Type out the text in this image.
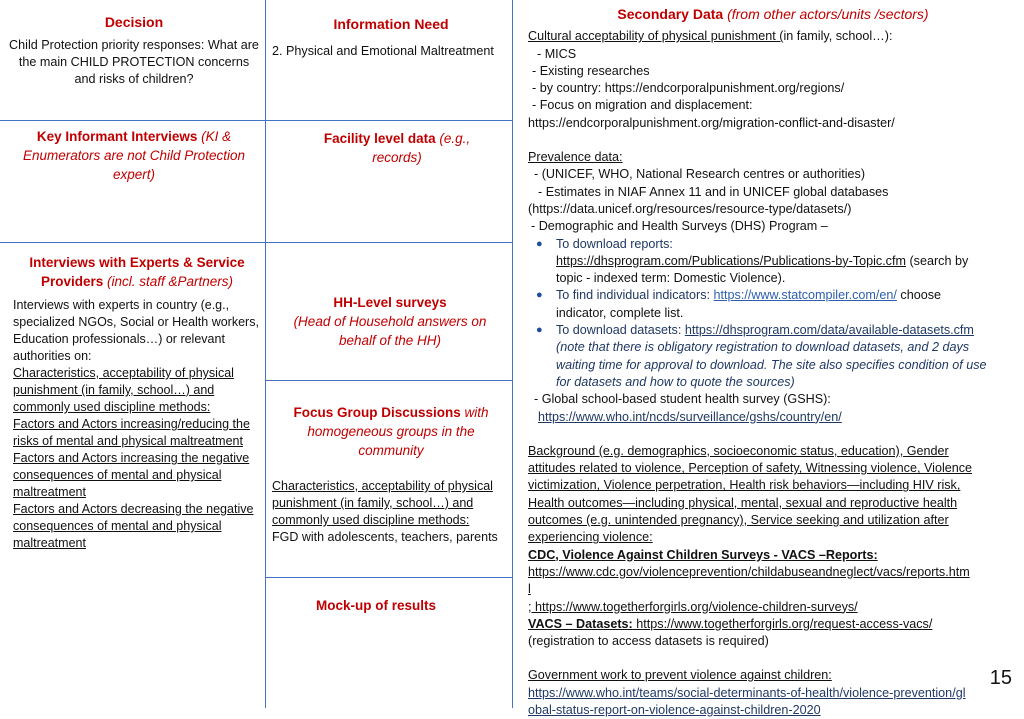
Decision
Child Protection priority responses: What are the main CHILD PROTECTION concerns and risks of children?
Information Need
2. Physical and Emotional Maltreatment
Key Informant Interviews (KI & Enumerators are not Child Protection expert)
Facility level data (e.g., records)
Interviews with Experts & Service Providers (incl. staff &Partners)
Interviews with experts in country (e.g., specialized NGOs, Social or Health workers, Education professionals…) or relevant authorities on:
Characteristics, acceptability of physical punishment (in family, school…) and commonly used discipline methods:
Factors and Actors increasing/reducing the risks of mental and physical maltreatment
Factors and Actors increasing the negative consequences of mental and physical maltreatment
Factors and Actors decreasing the negative consequences of mental and physical maltreatment
HH-Level surveys
(Head of Household answers on behalf of the HH)
Focus Group Discussions with homogeneous groups in the community
Characteristics, acceptability of physical punishment (in family, school…) and commonly used discipline methods:
FGD with adolescents, teachers, parents
Mock-up of results
Secondary Data (from other actors/units /sectors)
Cultural acceptability of physical punishment (in family, school…):
- MICS
- Existing researches
- by country: https://endcorporalpunishment.org/regions/
- Focus on migration and displacement:
https://endcorporalpunishment.org/migration-conflict-and-disaster/
Prevalence data:
- (UNICEF, WHO, National Research centres or authorities)
- Estimates in NIAF Annex 11 and in UNICEF global databases
(https://data.unicef.org/resources/resource-type/datasets/)
- Demographic and Health Surveys (DHS) Program –
● To download reports:
https://dhsprogram.com/Publications/Publications-by-Topic.cfm (search by
topic - indexed term: Domestic Violence).
● To find individual indicators: https://www.statcompiler.com/en/ choose
indicator, complete list.
● To download datasets: https://dhsprogram.com/data/available-datasets.cfm
(note that there is obligatory registration to download datasets, and 2 days
waiting time for approval to download. The site also specifies condition of use
for datasets and how to quote the sources)
- Global school-based student health survey (GSHS):
https://www.who.int/ncds/surveillance/gshs/country/en/
Background (e.g. demographics, socioeconomic status, education), Gender
attitudes related to violence, Perception of safety, Witnessing violence, Violence
victimization, Violence perpetration, Health risk behaviors—including HIV risk,
Health outcomes—including physical, mental, sexual and reproductive health
outcomes (e.g. unintended pregnancy), Service seeking and utilization after
experiencing violence:
CDC, Violence Against Children Surveys - VACS –Reports:
https://www.cdc.gov/violenceprevention/childabuseandneglect/vacs/reports.htm
l
; https://www.togetherforgirls.org/violence-children-surveys/
VACS – Datasets: https://www.togetherforgirls.org/request-access-vacs/
(registration to access datasets is required)
Government work to prevent violence against children:
https://www.who.int/teams/social-determinants-of-health/violence-prevention/gl
obal-status-report-on-violence-against-children-2020
15
